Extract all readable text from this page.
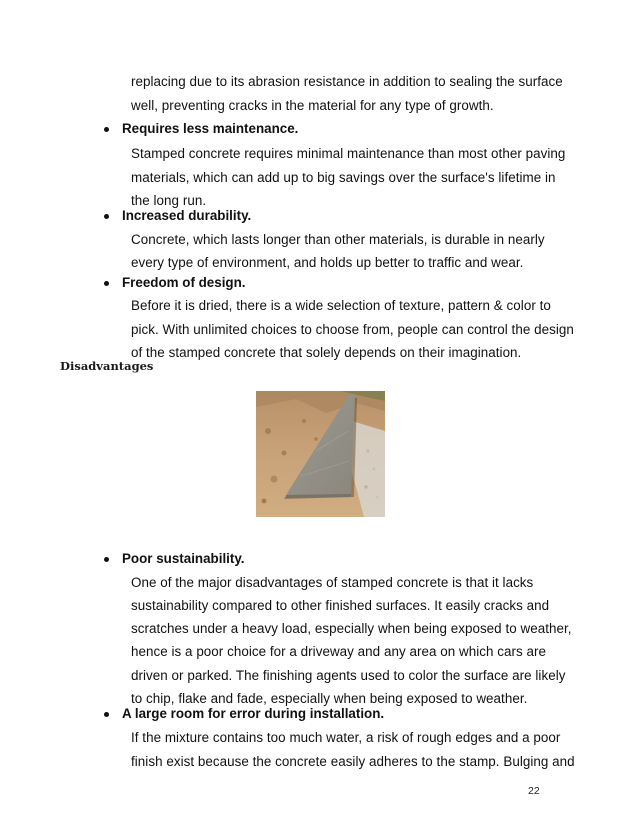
replacing due to its abrasion resistance in addition to sealing the surface
well, preventing cracks in the material for any type of growth.
Requires less maintenance.
Stamped concrete requires minimal maintenance than most other paving
materials, which can add up to big savings over the surface's lifetime in
the long run.
Increased durability.
Concrete, which lasts longer than other materials, is durable in nearly
every type of environment, and holds up better to traffic and wear.
Freedom of design.
Before it is dried, there is a wide selection of texture, pattern & color to
pick. With unlimited choices to choose from, people can control the design
of the stamped concrete that solely depends on their imagination.
Disadvantages
Poor sustainability.
One of the major disadvantages of stamped concrete is that it lacks
sustainability compared to other finished surfaces. It easily cracks and
scratches under a heavy load, especially when being exposed to weather,
hence is a poor choice for a driveway and any area on which cars are
driven or parked. The finishing agents used to color the surface are likely
to chip, flake and fade, especially when being exposed to weather.
A large room for error during installation.
If the mixture contains too much water, a risk of rough edges and a poor
finish exist because the concrete easily adheres to the stamp. Bulging and
22
